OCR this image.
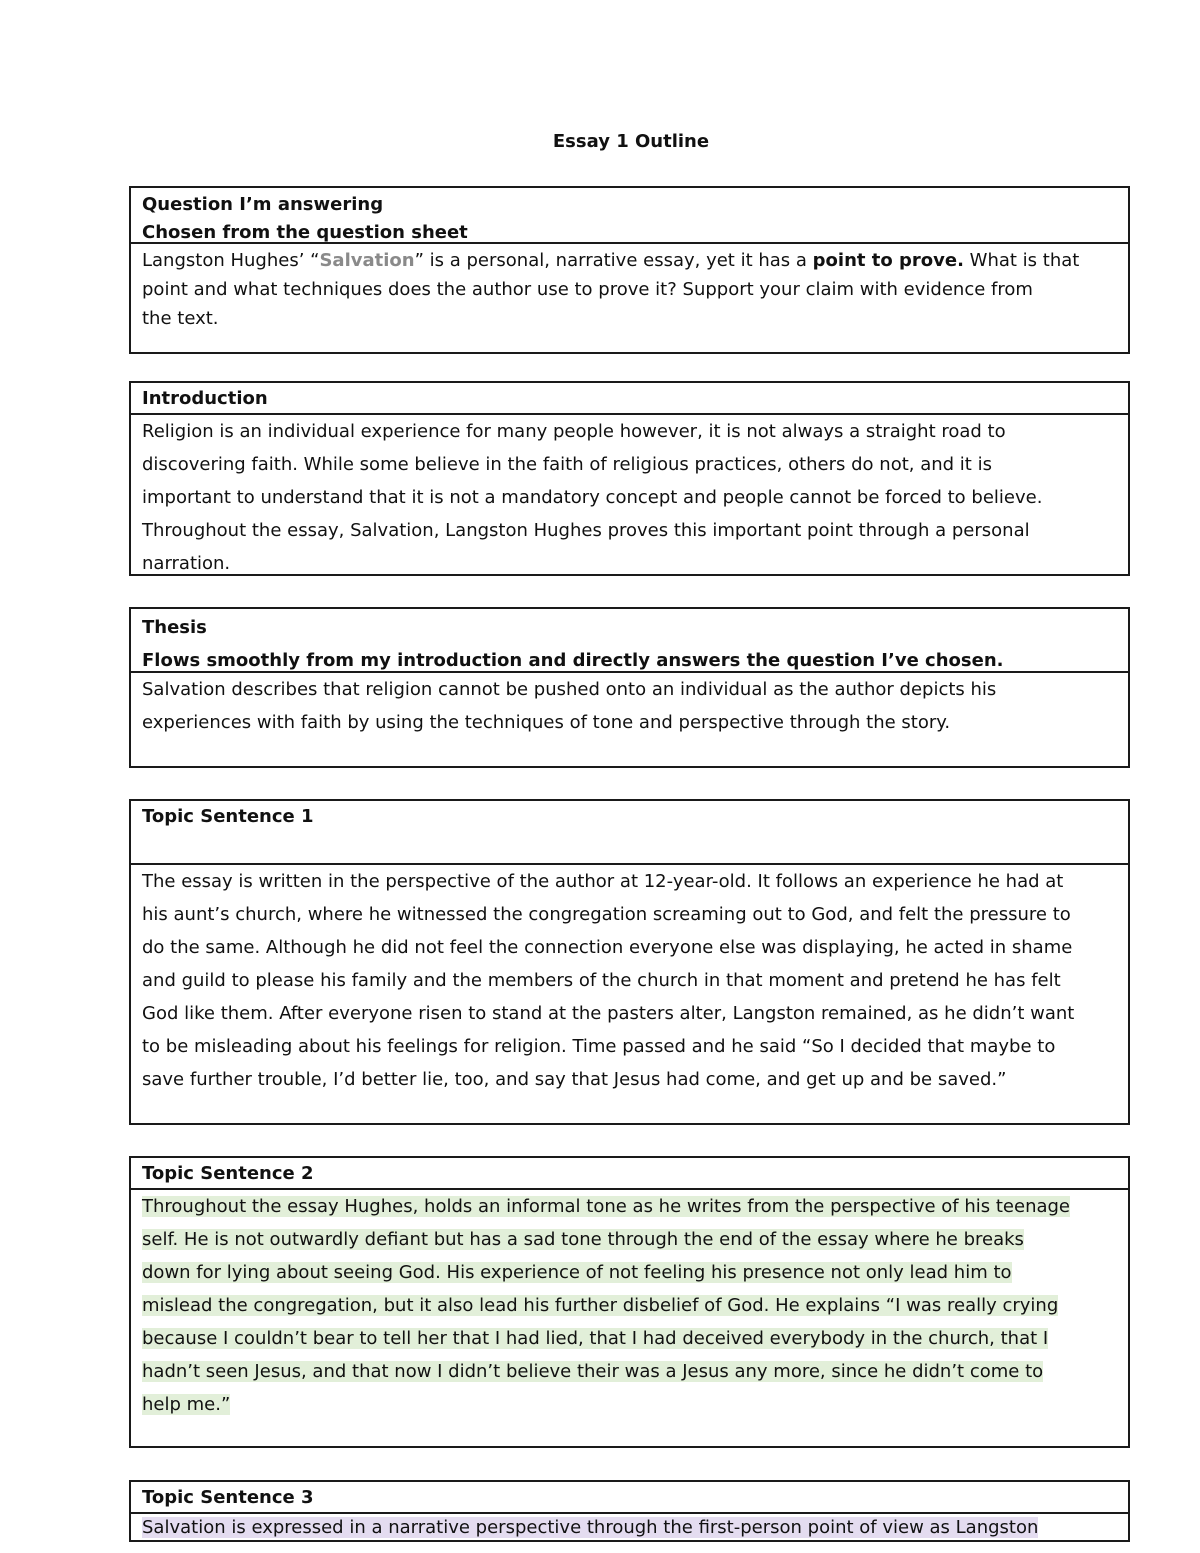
Essay 1 Outline
Question I’m answering
Chosen from the question sheet
Langston Hughes’ “Salvation” is a personal, narrative essay, yet it has a point to prove. What is that
point and what techniques does the author use to prove it? Support your claim with evidence from
the text.
Introduction
Religion is an individual experience for many people however, it is not always a straight road to
discovering faith. While some believe in the faith of religious practices, others do not, and it is
important to understand that it is not a mandatory concept and people cannot be forced to believe.
Throughout the essay, Salvation, Langston Hughes proves this important point through a personal
narration.
Thesis
Flows smoothly from my introduction and directly answers the question I’ve chosen.
Salvation describes that religion cannot be pushed onto an individual as the author depicts his
experiences with faith by using the techniques of tone and perspective through the story.
Topic Sentence 1
The essay is written in the perspective of the author at 12-year-old. It follows an experience he had at
his aunt’s church, where he witnessed the congregation screaming out to God, and felt the pressure to
do the same. Although he did not feel the connection everyone else was displaying, he acted in shame
and guild to please his family and the members of the church in that moment and pretend he has felt
God like them. After everyone risen to stand at the pasters alter, Langston remained, as he didn’t want
to be misleading about his feelings for religion. Time passed and he said “So I decided that maybe to
save further trouble, I’d better lie, too, and say that Jesus had come, and get up and be saved.”
Topic Sentence 2
Throughout the essay Hughes, holds an informal tone as he writes from the perspective of his teenage
self. He is not outwardly defiant but has a sad tone through the end of the essay where he breaks
down for lying about seeing God. His experience of not feeling his presence not only lead him to
mislead the congregation, but it also lead his further disbelief of God. He explains “I was really crying
because I couldn’t bear to tell her that I had lied, that I had deceived everybody in the church, that I
hadn’t seen Jesus, and that now I didn’t believe their was a Jesus any more, since he didn’t come to
help me.”
Topic Sentence 3
Salvation is expressed in a narrative perspective through the first-person point of view as Langston
